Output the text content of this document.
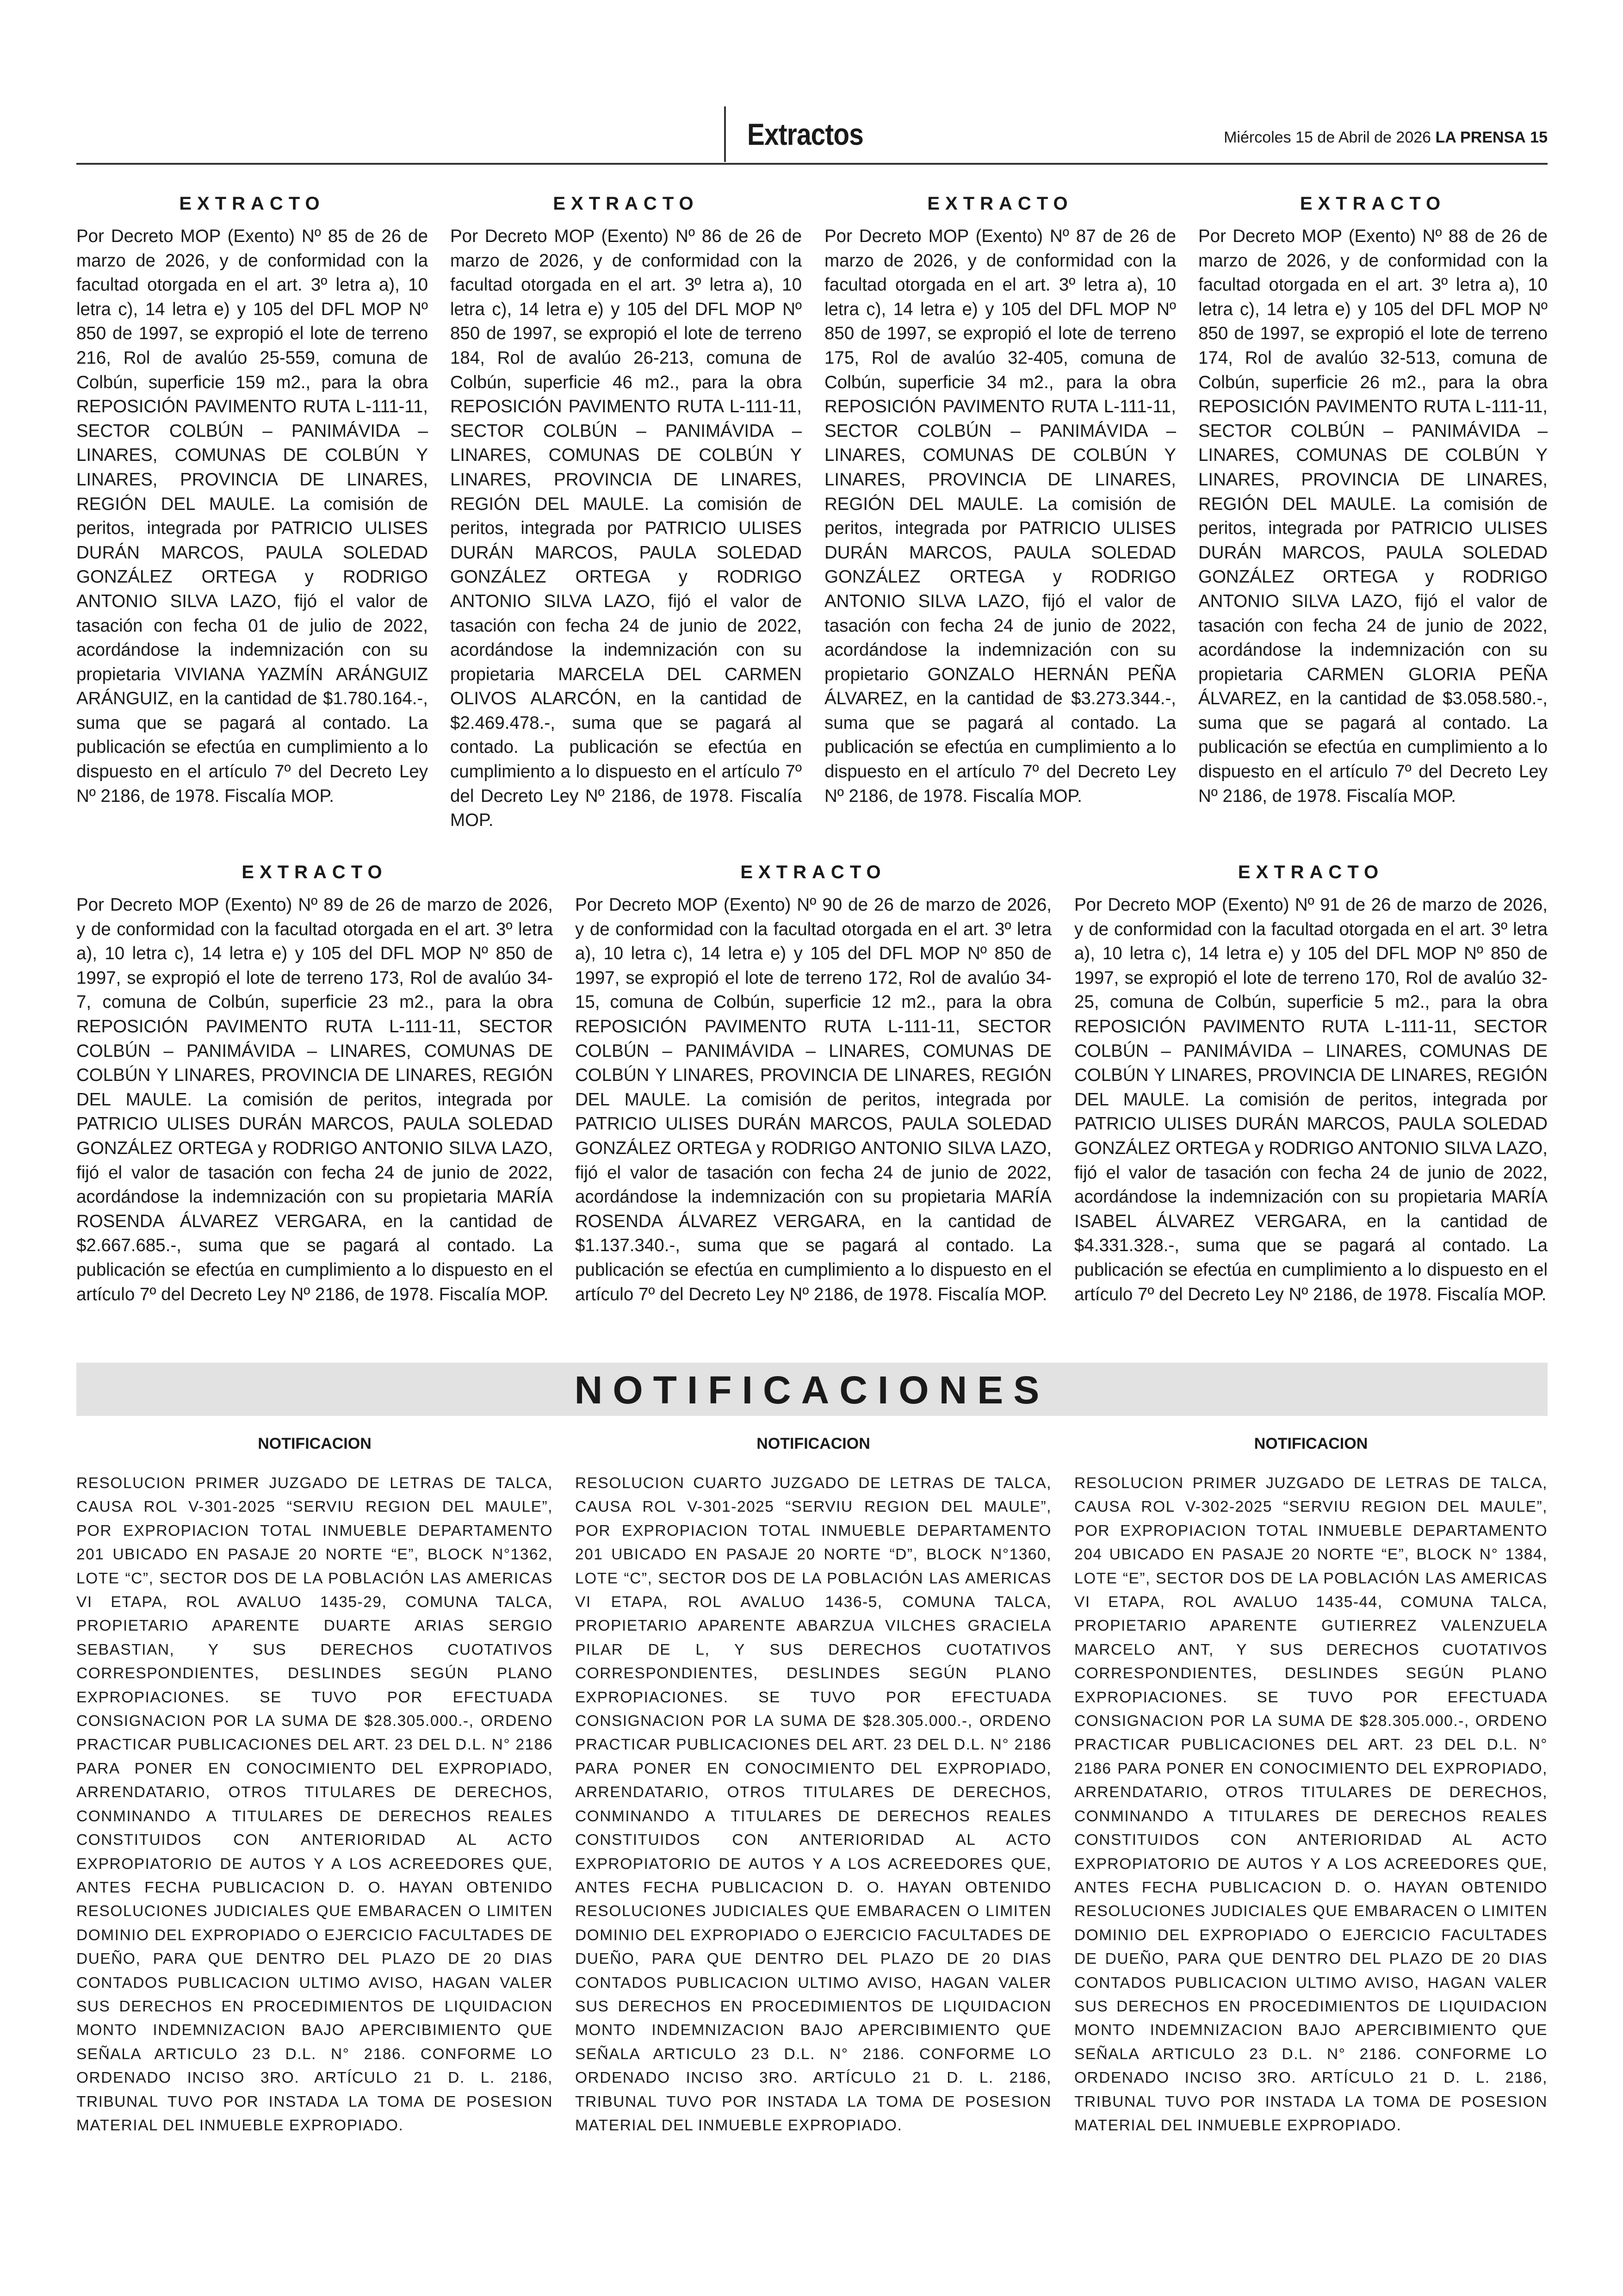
Extractos	Miércoles 15 de Abril de 2026 LA PRENSA 15
EXTRACTO

Por Decreto MOP (Exento) Nº 85 de 26 de marzo de 2026, y de conformidad con la facultad otorgada en el art. 3º letra a), 10 letra c), 14 letra e) y 105 del DFL MOP Nº 850 de 1997, se expropió el lote de terreno 216, Rol de avalúo 25-559, comuna de Colbún, superficie 159 m2., para la obra REPOSICIÓN PAVIMENTO RUTA L-111-11, SECTOR COLBÚN – PANIMÁVIDA – LINARES, COMUNAS DE COLBÚN Y LINARES, PROVINCIA DE LINARES, REGIÓN DEL MAULE. La comisión de peritos, integrada por PATRICIO ULISES DURÁN MARCOS, PAULA SOLEDAD GONZÁLEZ ORTEGA y RODRIGO ANTONIO SILVA LAZO, fijó el valor de tasación con fecha 01 de julio de 2022, acordándose la indemnización con su propietaria VIVIANA YAZMÍN ARÁNGUIZ ARÁNGUIZ, en la cantidad de $1.780.164.-, suma que se pagará al contado. La publicación se efectúa en cumplimiento a lo dispuesto en el artículo 7º del Decreto Ley Nº 2186, de 1978. Fiscalía MOP.

EXTRACTO

Por Decreto MOP (Exento) Nº 86 de 26 de marzo de 2026, y de conformidad con la facultad otorgada en el art. 3º letra a), 10 letra c), 14 letra e) y 105 del DFL MOP Nº 850 de 1997, se expropió el lote de terreno 184, Rol de avalúo 26-213, comuna de Colbún, superficie 46 m2., para la obra REPOSICIÓN PAVIMENTO RUTA L-111-11, SECTOR COLBÚN – PANIMÁVIDA – LINARES, COMUNAS DE COLBÚN Y LINARES, PROVINCIA DE LINARES, REGIÓN DEL MAULE. La comisión de peritos, integrada por PATRICIO ULISES DURÁN MARCOS, PAULA SOLEDAD GONZÁLEZ ORTEGA y RODRIGO ANTONIO SILVA LAZO, fijó el valor de tasación con fecha 24 de junio de 2022, acordándose la indemnización con su propietaria MARCELA DEL CARMEN OLIVOS ALARCÓN, en la cantidad de $2.469.478.-, suma que se pagará al contado. La publicación se efectúa en cumplimiento a lo dispuesto en el artículo 7º del Decreto Ley Nº 2186, de 1978. Fiscalía MOP.

EXTRACTO

Por Decreto MOP (Exento) Nº 87 de 26 de marzo de 2026, y de conformidad con la facultad otorgada en el art. 3º letra a), 10 letra c), 14 letra e) y 105 del DFL MOP Nº 850 de 1997, se expropió el lote de terreno 175, Rol de avalúo 32-405, comuna de Colbún, superficie 34 m2., para la obra REPOSICIÓN PAVIMENTO RUTA L-111-11, SECTOR COLBÚN – PANIMÁVIDA – LINARES, COMUNAS DE COLBÚN Y LINARES, PROVINCIA DE LINARES, REGIÓN DEL MAULE. La comisión de peritos, integrada por PATRICIO ULISES DURÁN MARCOS, PAULA SOLEDAD GONZÁLEZ ORTEGA y RODRIGO ANTONIO SILVA LAZO, fijó el valor de tasación con fecha 24 de junio de 2022, acordándose la indemnización con su propietario GONZALO HERNÁN PEÑA ÁLVAREZ, en la cantidad de $3.273.344.-, suma que se pagará al contado. La publicación se efectúa en cumplimiento a lo dispuesto en el artículo 7º del Decreto Ley Nº 2186, de 1978. Fiscalía MOP.

EXTRACTO

Por Decreto MOP (Exento) Nº 88 de 26 de marzo de 2026, y de conformidad con la facultad otorgada en el art. 3º letra a), 10 letra c), 14 letra e) y 105 del DFL MOP Nº 850 de 1997, se expropió el lote de terreno 174, Rol de avalúo 32-513, comuna de Colbún, superficie 26 m2., para la obra REPOSICIÓN PAVIMENTO RUTA L-111-11, SECTOR COLBÚN – PANIMÁVIDA – LINARES, COMUNAS DE COLBÚN Y LINARES, PROVINCIA DE LINARES, REGIÓN DEL MAULE. La comisión de peritos, integrada por PATRICIO ULISES DURÁN MARCOS, PAULA SOLEDAD GONZÁLEZ ORTEGA y RODRIGO ANTONIO SILVA LAZO, fijó el valor de tasación con fecha 24 de junio de 2022, acordándose la indemnización con su propietaria CARMEN GLORIA PEÑA ÁLVAREZ, en la cantidad de $3.058.580.-, suma que se pagará al contado. La publicación se efectúa en cumplimiento a lo dispuesto en el artículo 7º del Decreto Ley Nº 2186, de 1978. Fiscalía MOP.

EXTRACTO

Por Decreto MOP (Exento) Nº 89 de 26 de marzo de 2026, y de conformidad con la facultad otorgada en el art. 3º letra a), 10 letra c), 14 letra e) y 105 del DFL MOP Nº 850 de 1997, se expropió el lote de terreno 173, Rol de avalúo 34-7, comuna de Colbún, superficie 23 m2., para la obra REPOSICIÓN PAVIMENTO RUTA L-111-11, SECTOR COLBÚN – PANIMÁVIDA – LINARES, COMUNAS DE COLBÚN Y LINARES, PROVINCIA DE LINARES, REGIÓN DEL MAULE. La comisión de peritos, integrada por PATRICIO ULISES DURÁN MARCOS, PAULA SOLEDAD GONZÁLEZ ORTEGA y RODRIGO ANTONIO SILVA LAZO, fijó el valor de tasación con fecha 24 de junio de 2022, acordándose la indemnización con su propietaria MARÍA ROSENDA ÁLVAREZ VERGARA, en la cantidad de $2.667.685.-, suma que se pagará al contado. La publicación se efectúa en cumplimiento a lo dispuesto en el artículo 7º del Decreto Ley Nº 2186, de 1978. Fiscalía MOP.

EXTRACTO

Por Decreto MOP (Exento) Nº 90 de 26 de marzo de 2026, y de conformidad con la facultad otorgada en el art. 3º letra a), 10 letra c), 14 letra e) y 105 del DFL MOP Nº 850 de 1997, se expropió el lote de terreno 172, Rol de avalúo 34-15, comuna de Colbún, superficie 12 m2., para la obra REPOSICIÓN PAVIMENTO RUTA L-111-11, SECTOR COLBÚN – PANIMÁVIDA – LINARES, COMUNAS DE COLBÚN Y LINARES, PROVINCIA DE LINARES, REGIÓN DEL MAULE. La comisión de peritos, integrada por PATRICIO ULISES DURÁN MARCOS, PAULA SOLEDAD GONZÁLEZ ORTEGA y RODRIGO ANTONIO SILVA LAZO, fijó el valor de tasación con fecha 24 de junio de 2022, acordándose la indemnización con su propietaria MARÍA ROSENDA ÁLVAREZ VERGARA, en la cantidad de $1.137.340.-, suma que se pagará al contado. La publicación se efectúa en cumplimiento a lo dispuesto en el artículo 7º del Decreto Ley Nº 2186, de 1978. Fiscalía MOP.

EXTRACTO

Por Decreto MOP (Exento) Nº 91 de 26 de marzo de 2026, y de conformidad con la facultad otorgada en el art. 3º letra a), 10 letra c), 14 letra e) y 105 del DFL MOP Nº 850 de 1997, se expropió el lote de terreno 170, Rol de avalúo 32-25, comuna de Colbún, superficie 5 m2., para la obra REPOSICIÓN PAVIMENTO RUTA L-111-11, SECTOR COLBÚN – PANIMÁVIDA – LINARES, COMUNAS DE COLBÚN Y LINARES, PROVINCIA DE LINARES, REGIÓN DEL MAULE. La comisión de peritos, integrada por PATRICIO ULISES DURÁN MARCOS, PAULA SOLEDAD GONZÁLEZ ORTEGA y RODRIGO ANTONIO SILVA LAZO, fijó el valor de tasación con fecha 24 de junio de 2022, acordándose la indemnización con su propietaria MARÍA ISABEL ÁLVAREZ VERGARA, en la cantidad de $4.331.328.-, suma que se pagará al contado. La publicación se efectúa en cumplimiento a lo dispuesto en el artículo 7º del Decreto Ley Nº 2186, de 1978. Fiscalía MOP.

NOTIFICACIONES
NOTIFICACION

RESOLUCION PRIMER JUZGADO DE LETRAS DE TALCA, CAUSA ROL V-301-2025 “SERVIU REGION DEL MAULE”, POR EXPROPIACION TOTAL INMUEBLE DEPARTAMENTO 201 UBICADO EN PASAJE 20 NORTE “E”, BLOCK N°1362, LOTE “C”, SECTOR DOS DE LA POBLACIÓN LAS AMERICAS VI ETAPA, ROL AVALUO 1435-29, COMUNA TALCA, PROPIETARIO APARENTE DUARTE ARIAS SERGIO SEBASTIAN, Y SUS DERECHOS CUOTATIVOS CORRESPONDIENTES, DESLINDES SEGÚN PLANO EXPROPIACIONES. SE TUVO POR EFECTUADA CONSIGNACION POR LA SUMA DE $28.305.000.-, ORDENO PRACTICAR PUBLICACIONES DEL ART. 23 DEL D.L. N° 2186 PARA PONER EN CONOCIMIENTO DEL EXPROPIADO, ARRENDATARIO, OTROS TITULARES DE DERECHOS, CONMINANDO A TITULARES DE DERECHOS REALES CONSTITUIDOS CON ANTERIORIDAD AL ACTO EXPROPIATORIO DE AUTOS Y A LOS ACREEDORES QUE, ANTES FECHA PUBLICACION D. O. HAYAN OBTENIDO RESOLUCIONES JUDICIALES QUE EMBARACEN O LIMITEN DOMINIO DEL EXPROPIADO O EJERCICIO FACULTADES DE DUEÑO, PARA QUE DENTRO DEL PLAZO DE 20 DIAS CONTADOS PUBLICACION ULTIMO AVISO, HAGAN VALER SUS DERECHOS EN PROCEDIMIENTOS DE LIQUIDACION MONTO INDEMNIZACION BAJO APERCIBIMIENTO QUE SEÑALA ARTICULO 23 D.L. N° 2186. CONFORME LO ORDENADO INCISO 3RO. ARTÍCULO 21 D. L. 2186, TRIBUNAL TUVO POR INSTADA LA TOMA DE POSESION MATERIAL DEL INMUEBLE EXPROPIADO.

NOTIFICACION

RESOLUCION CUARTO JUZGADO DE LETRAS DE TALCA, CAUSA ROL V-301-2025 “SERVIU REGION DEL MAULE”, POR EXPROPIACION TOTAL INMUEBLE DEPARTAMENTO 201 UBICADO EN PASAJE 20 NORTE “D”, BLOCK N°1360, LOTE “C”, SECTOR DOS DE LA POBLACIÓN LAS AMERICAS VI ETAPA, ROL AVALUO 1436-5, COMUNA TALCA, PROPIETARIO APARENTE ABARZUA VILCHES GRACIELA PILAR DE L, Y SUS DERECHOS CUOTATIVOS CORRESPONDIENTES, DESLINDES SEGÚN PLANO EXPROPIACIONES. SE TUVO POR EFECTUADA CONSIGNACION POR LA SUMA DE $28.305.000.-, ORDENO PRACTICAR PUBLICACIONES DEL ART. 23 DEL D.L. N° 2186 PARA PONER EN CONOCIMIENTO DEL EXPROPIADO, ARRENDATARIO, OTROS TITULARES DE DERECHOS, CONMINANDO A TITULARES DE DERECHOS REALES CONSTITUIDOS CON ANTERIORIDAD AL ACTO EXPROPIATORIO DE AUTOS Y A LOS ACREEDORES QUE, ANTES FECHA PUBLICACION D. O. HAYAN OBTENIDO RESOLUCIONES JUDICIALES QUE EMBARACEN O LIMITEN DOMINIO DEL EXPROPIADO O EJERCICIO FACULTADES DE DUEÑO, PARA QUE DENTRO DEL PLAZO DE 20 DIAS CONTADOS PUBLICACION ULTIMO AVISO, HAGAN VALER SUS DERECHOS EN PROCEDIMIENTOS DE LIQUIDACION MONTO INDEMNIZACION BAJO APERCIBIMIENTO QUE SEÑALA ARTICULO 23 D.L. N° 2186. CONFORME LO ORDENADO INCISO 3RO. ARTÍCULO 21 D. L. 2186, TRIBUNAL TUVO POR INSTADA LA TOMA DE POSESION MATERIAL DEL INMUEBLE EXPROPIADO.

NOTIFICACION

RESOLUCION PRIMER JUZGADO DE LETRAS DE TALCA, CAUSA ROL V-302-2025 “SERVIU REGION DEL MAULE”, POR EXPROPIACION TOTAL INMUEBLE DEPARTAMENTO 204 UBICADO EN PASAJE 20 NORTE “E”, BLOCK N° 1384, LOTE “E”, SECTOR DOS DE LA POBLACIÓN LAS AMERICAS VI ETAPA, ROL AVALUO 1435-44, COMUNA TALCA, PROPIETARIO APARENTE GUTIERREZ VALENZUELA MARCELO ANT, Y SUS DERECHOS CUOTATIVOS CORRESPONDIENTES, DESLINDES SEGÚN PLANO EXPROPIACIONES. SE TUVO POR EFECTUADA CONSIGNACION POR LA SUMA DE $28.305.000.-, ORDENO PRACTICAR PUBLICACIONES DEL ART. 23 DEL D.L. N° 2186 PARA PONER EN CONOCIMIENTO DEL EXPROPIADO, ARRENDATARIO, OTROS TITULARES DE DERECHOS, CONMINANDO A TITULARES DE DERECHOS REALES CONSTITUIDOS CON ANTERIORIDAD AL ACTO EXPROPIATORIO DE AUTOS Y A LOS ACREEDORES QUE, ANTES FECHA PUBLICACION D. O. HAYAN OBTENIDO RESOLUCIONES JUDICIALES QUE EMBARACEN O LIMITEN DOMINIO DEL EXPROPIADO O EJERCICIO FACULTADES DE DUEÑO, PARA QUE DENTRO DEL PLAZO DE 20 DIAS CONTADOS PUBLICACION ULTIMO AVISO, HAGAN VALER SUS DERECHOS EN PROCEDIMIENTOS DE LIQUIDACION MONTO INDEMNIZACION BAJO APERCIBIMIENTO QUE SEÑALA ARTICULO 23 D.L. N° 2186. CONFORME LO ORDENADO INCISO 3RO. ARTÍCULO 21 D. L. 2186, TRIBUNAL TUVO POR INSTADA LA TOMA DE POSESION MATERIAL DEL INMUEBLE EXPROPIADO.
